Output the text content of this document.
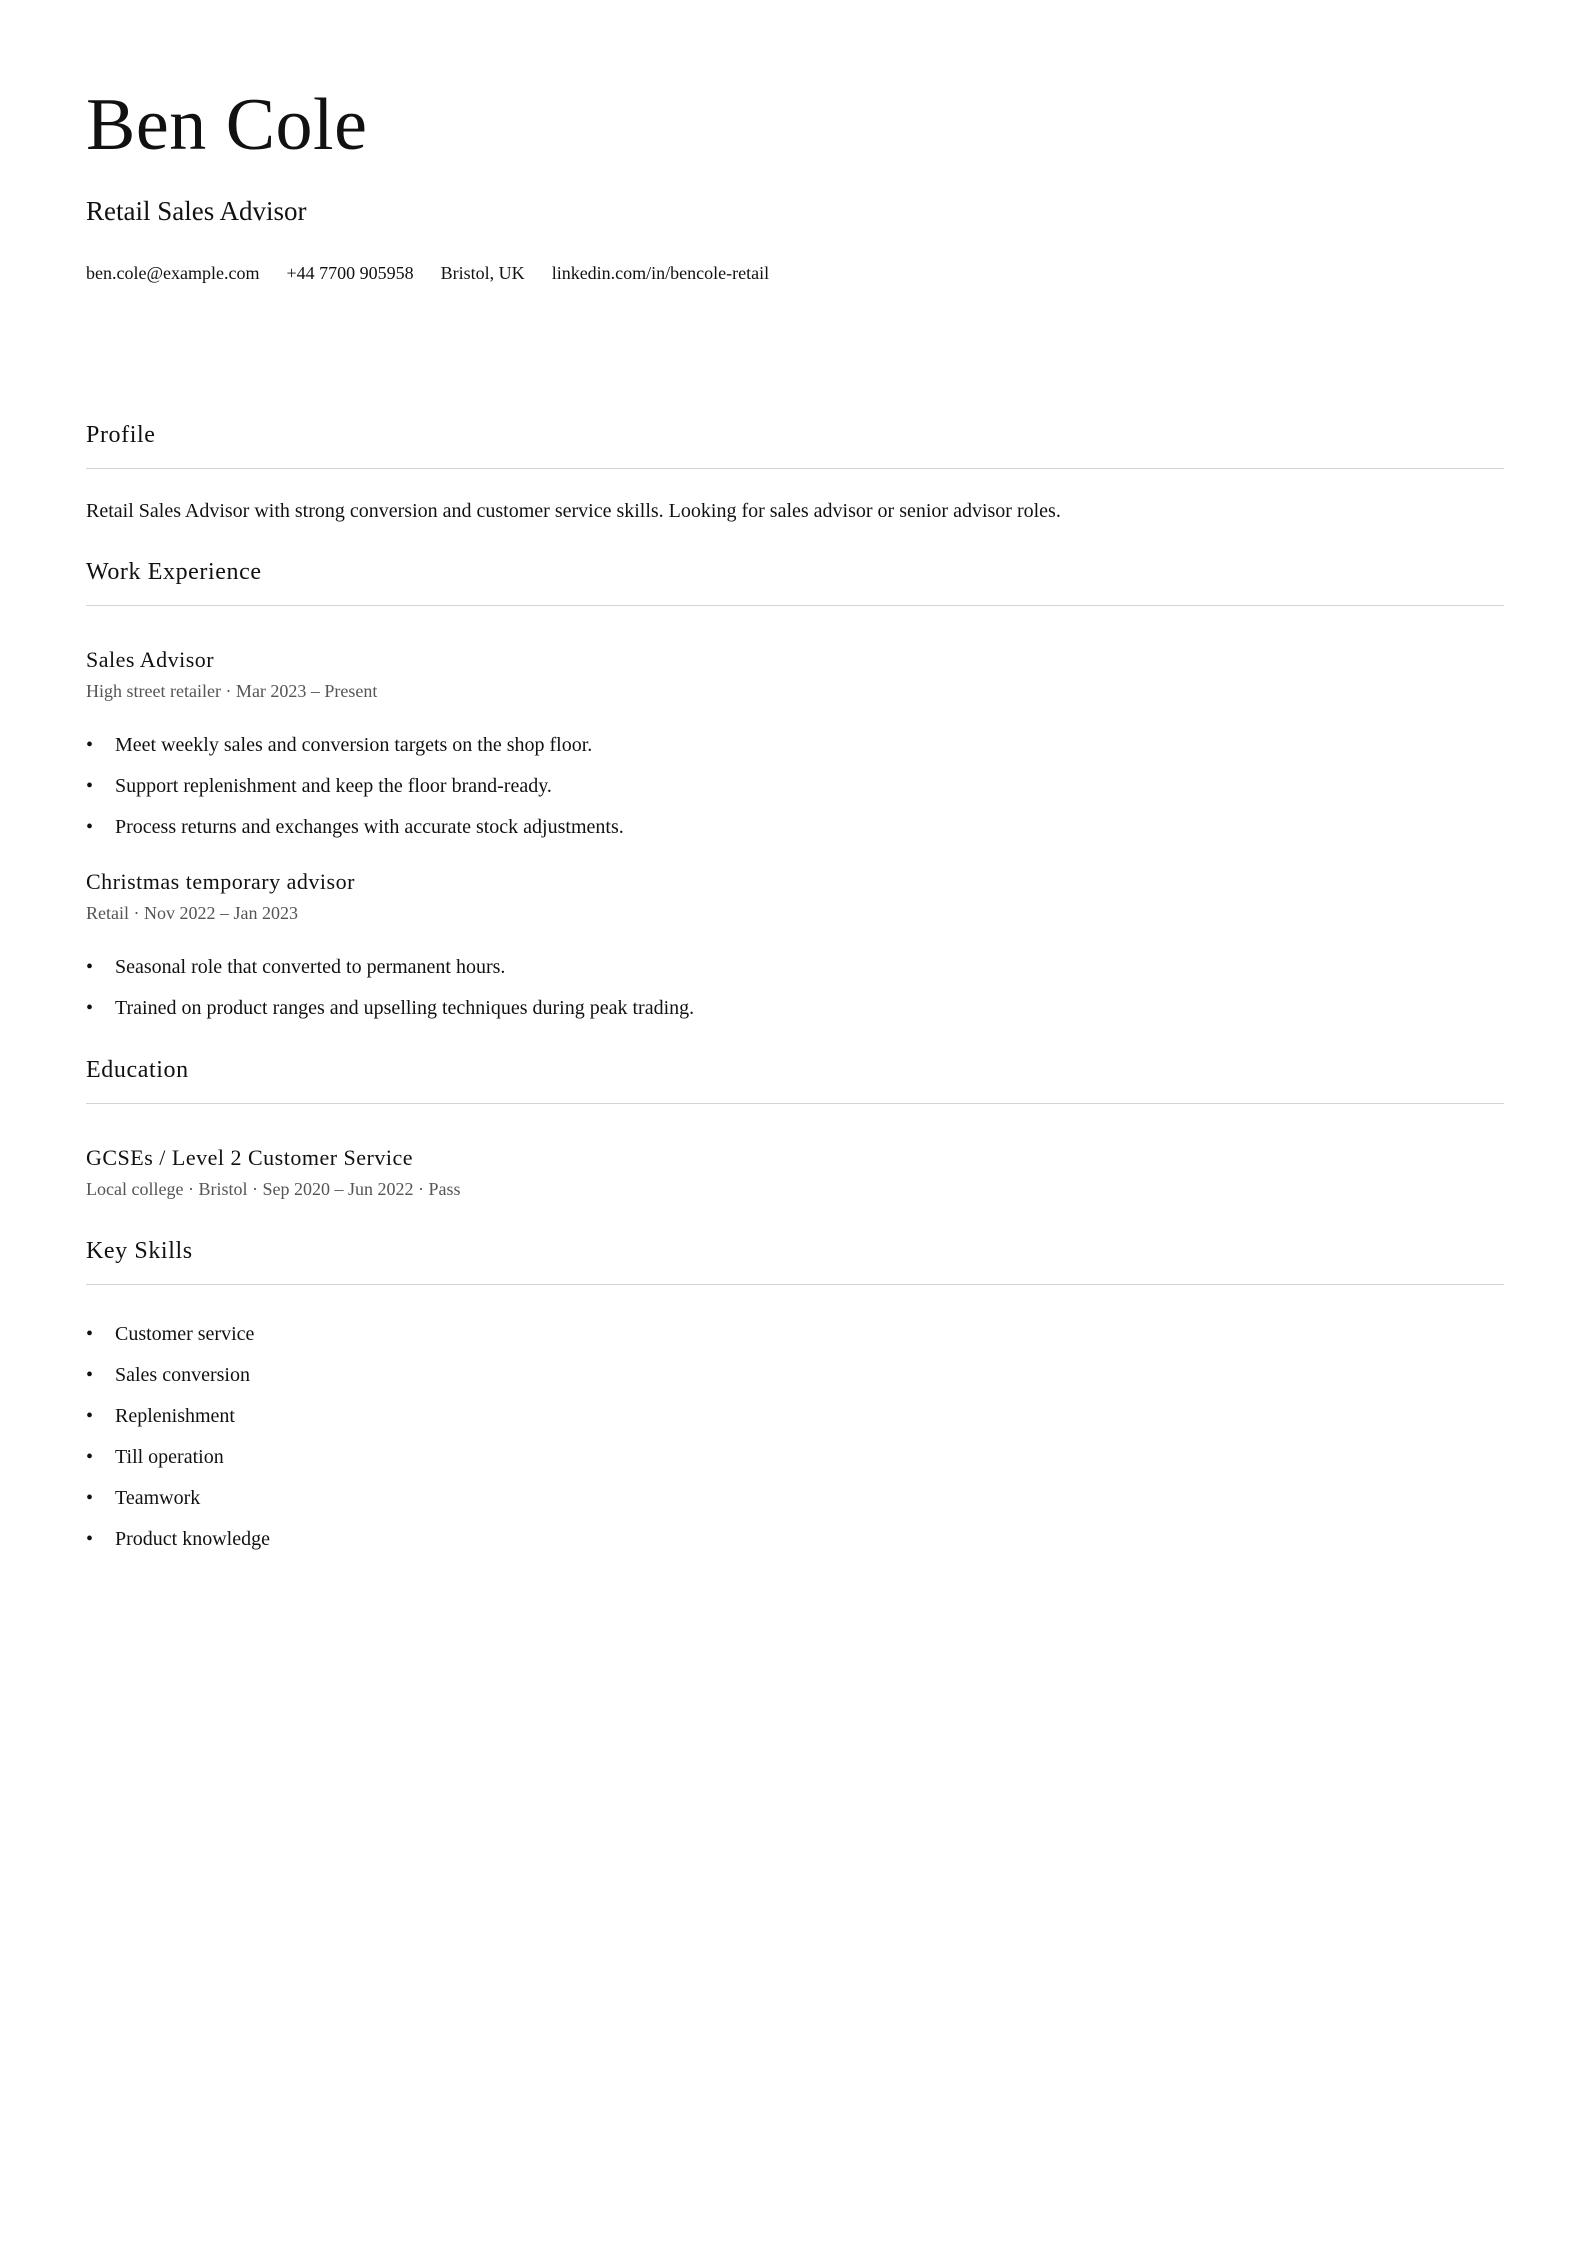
Ben Cole
Retail Sales Advisor
ben.cole@example.com +44 7700 905958 Bristol, UK linkedin.com/in/bencole-retail
Profile
Retail Sales Advisor with strong conversion and customer service skills. Looking for sales advisor or senior advisor roles.
Work Experience
Sales Advisor
High street retailer · Mar 2023 – Present
• Meet weekly sales and conversion targets on the shop floor.
• Support replenishment and keep the floor brand-ready.
• Process returns and exchanges with accurate stock adjustments.
Christmas temporary advisor
Retail · Nov 2022 – Jan 2023
• Seasonal role that converted to permanent hours.
• Trained on product ranges and upselling techniques during peak trading.
Education
GCSEs / Level 2 Customer Service
Local college · Bristol · Sep 2020 – Jun 2022 · Pass
Key Skills
• Customer service
• Sales conversion
• Replenishment
• Till operation
• Teamwork
• Product knowledge
